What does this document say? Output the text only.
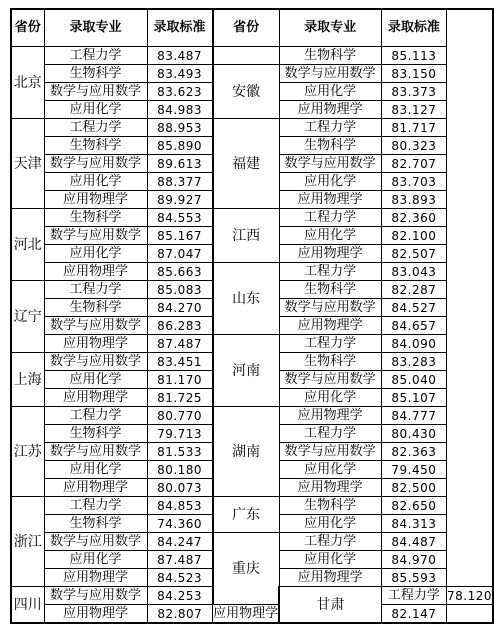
省份	录取专业	录取标准	省份	录取专业	录取标准	
北京	工程力学	83.487		生物科学	85.113	
	生物科学	83.493	安徽	数学与应用数学	83.150	
	数学与应用数学	83.623		应用化学	83.373	
	应用化学	84.983		应用物理学	83.127	
天津	工程力学	88.953	福建	工程力学	81.717	
	生物科学	85.890		生物科学	80.323	
	数学与应用数学	89.613		数学与应用数学	82.707	
	应用化学	88.377		应用化学	83.703	
	应用物理学	89.927		应用物理学	83.893	
河北	生物科学	84.553	江西	工程力学	82.360	
	数学与应用数学	85.167		应用化学	82.100	
	应用化学	87.047		应用物理学	82.507	
	应用物理学	85.663	山东	工程力学	83.043	
辽宁	工程力学	85.083		生物科学	82.287	
	生物科学	84.270		数学与应用数学	84.527	
	数学与应用数学	86.283		应用物理学	84.657	
	应用物理学	87.487	河南	工程力学	84.090	
上海	数学与应用数学	83.451		生物科学	83.283	
	应用化学	81.170		数学与应用数学	85.040	
	应用物理学	81.725		应用化学	85.107	
江苏	工程力学	80.770	湖南	应用物理学	84.777	
	生物科学	79.713		工程力学	80.430	
	数学与应用数学	81.533		数学与应用数学	82.363	
	应用化学	80.180		应用化学	79.450	
	应用物理学	80.073		应用物理学	82.500	
浙江	工程力学	84.853	广东	生物科学	82.650	
	生物科学	74.360		应用化学	84.313	
	数学与应用数学	84.247	重庆	工程力学	84.487	
	应用化学	87.487		应用化学	84.970	
	应用物理学	84.523		应用物理学	85.593	
四川	数学与应用数学	84.253		甘肃	工程力学	78.120
	应用物理学	82.807	应用物理学		82.147	
